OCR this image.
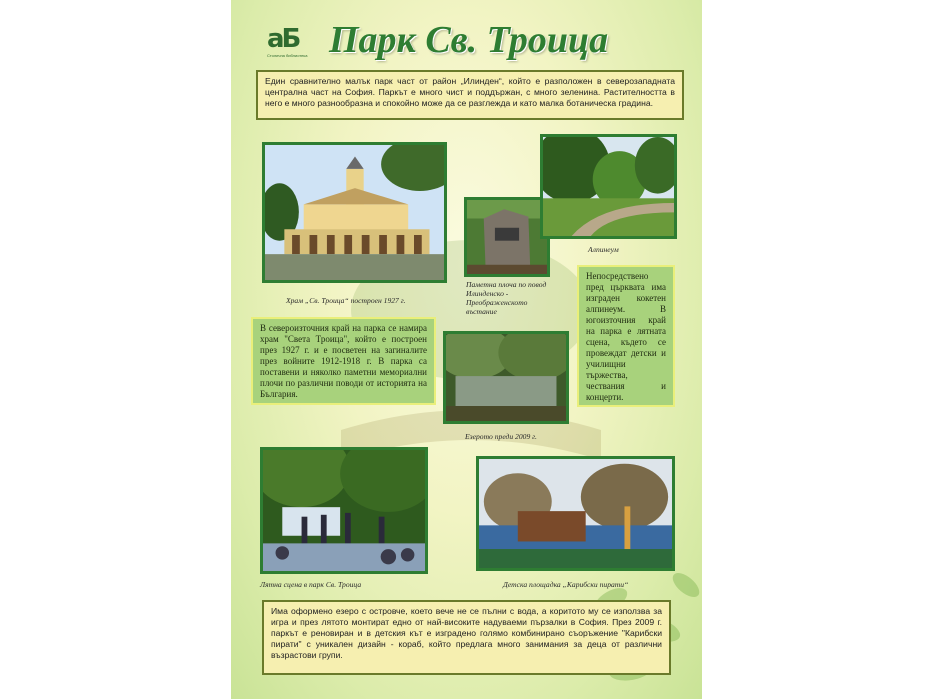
aБ
Столична библиотека Парк Св. Троица
Един сравнително малък парк част от район „Илинден“, който е разположен в северозападната централна част на София. Паркът е много чист и поддържан, с много зеленина. Растителността в него е много разнообразна и спокойно може да се разглежда и като малка ботаническа градина.
Храм „Св. Троица“ построен 1927 г.
Паметна плоча по повод Илинденско - Преображенското въстание
Алпинеум
В североизточния край на парка се намира храм "Света Троица", който е построен през 1927 г. и е посветен на загиналите през войните 1912-1918 г. В парка са поставени и няколко паметни мемориални плочи по различни поводи от историята на България.
Езерото преди 2009 г.
Непосредствено пред църквата има изграден кокетен алпинеум. В югоизточния край на парка е лятната сцена, където се провеждат детски и училищни тържества, чествания и концерти.
Лятна сцена в парк Св. Троица	Детска площадка „Карибски пирати“
Има оформено езеро с островче, което вече не се пълни с вода, а коритото му се използва за игра и през лятото монтират едно от най-високите надуваеми пързалки в София. През 2009 г. паркът е реновиран и в детския кът е изградено голямо комбинирано съоръжение "Карибски пирати" с уникален дизайн - кораб, който предлага много занимания за деца от различни възрастови групи.
